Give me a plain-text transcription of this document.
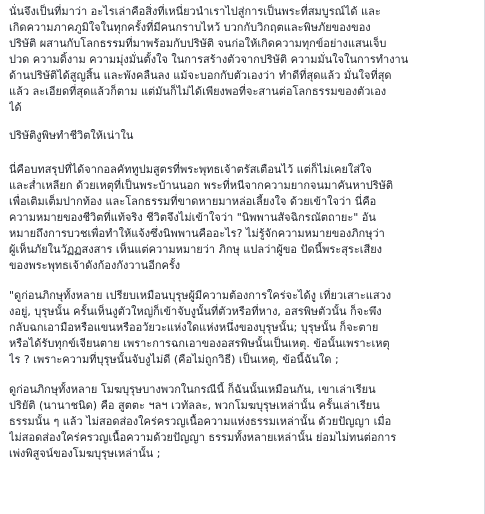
นั่นจึงเป็นที่มาว่า อะไรเล่าคือสิ่งที่เหนี่ยวนำเราไปสู่การเป็นพระที่สมบูรณ์ได้ และ
เกิดความภาคภูมิใจในทุกครั้งที่มีคนกราบไหว้ บวกกับวิกฤตและพิษภัยของของ
ปริษัติ ผสานกับโลกธรรมที่มาพร้อมกับปริษัติ จนก่อให้เกิดความทุกข์อย่างแสนเจ็บ
ปวด ความดิ้งาม ความมุ่งมั่นตั้งใจ ในการสร้างตัวจากปริษัติ ความมั่นใจในการทำงาน
ด้านปริษัติได้สูญสิ้น และพังคลืนลง แม้จะบอกกับตัวเองว่า ทำดีที่สุดแล้ว มั่นใจที่สุด
แล้ว ละเอียดที่สุดแล้วก็ตาม แต่มันก็ไม่ได้เพียงพอที่จะสานต่อโลกธรรมของตัวเอง
ได้

ปริษัติงูพิษทำชีวิตให้เน่าใน

นี่คือบทสรุปที่ได้จากอลคัททูปมสูตรที่พระพุทธเจ้าตรัสเตือนไว้ แต่ก็ไม่เคยใส่ใจ
และส่ำเหลียก ด้วยเหตุที่เป็นพระบ้านนอก พระที่หนีจากความยากจนมาคันหาปริษัติ
เพื่อเติมเต็มปากท้อง และโลกธรรมที่ขาดหายมาหล่อเลี้ยงใจ ด้วยเข้าใจว่า นี่คือ
ความหมายของชีวิตที่แท้จริง ชีวิตจึงไม่เข้าใจว่า "นิพพานสัจฉิกรณัตถายะ" อัน
หมายถึงการบวชเพื่อทำให้แจ้งซึ่งนิพพานคืออะไร? ไม่รู้จักความหมายของภิกษุว่า
ผู้เห็นภัยในวัฏฏสงสาร เห็นแต่ความหมายว่า ภิกษุ แปลว่าผู้ขอ ปัดนี้พระสุระเสียง
ของพระพุทธเจ้าดังก้องกังวานอีกครั้ง

"ดูก่อนภิกษุทั้งหลาย เปรียบเหมือนบุรุษผู้มีความต้องการใคร่จะได้งู เที่ยวเสาะแสวง
งอยู่, บุรุษนั้น ครั้นเห็นงูตัวใหญ่ก็เข้าจับงูนั้นที่ตัวหรือที่หาง, อสรพิษตัวนั้น ก็จะพึง
กลับฉกเอามือหรือแขนหรืออวัยวะแห่งใดแห่งหนึ่งของบุรุษนั้น; บุรุษนั้น ก็จะตาย
หรือได้รับทุกข์เจียนตาย เพราะการฉกเอาของอสรพิษนั้นเป็นเหตุ. ข้อนั้นเพราะเหตุ
ไร ? เพราะความที่บุรุษนั้นจับงูไม่ดี (คือไม่ถูกวิธี) เป็นเหตุ, ข้อนี้ฉันใด ;

ดูก่อนภิกษุทั้งหลาย โมฆบุรุษบางพวกในกรณีนี้ ก็ฉันนั้นเหมือนกัน, เขาเล่าเรียน
ปริยัติ (นานาชนิด) คือ สูตตะ ฯลฯ เวทัลละ, พวกโมฆบุรุษเหล่านั้น ครั้นเล่าเรียน
ธรรมนั้น ๆ แล้ว ไม่สอดส่องใคร่ครวญเนื้อความแห่งธรรมเหล่านั้น ด้วยปัญญา เมื่อ
ไม่สอดส่องใคร่ครวญเนื้อความด้วยปัญญา ธรรมทั้งหลายเหล่านั้น ย่อมไม่ทนต่อการ
เพ่งพิสูจน์ของโมฆบุรุษเหล่านั้น ;
